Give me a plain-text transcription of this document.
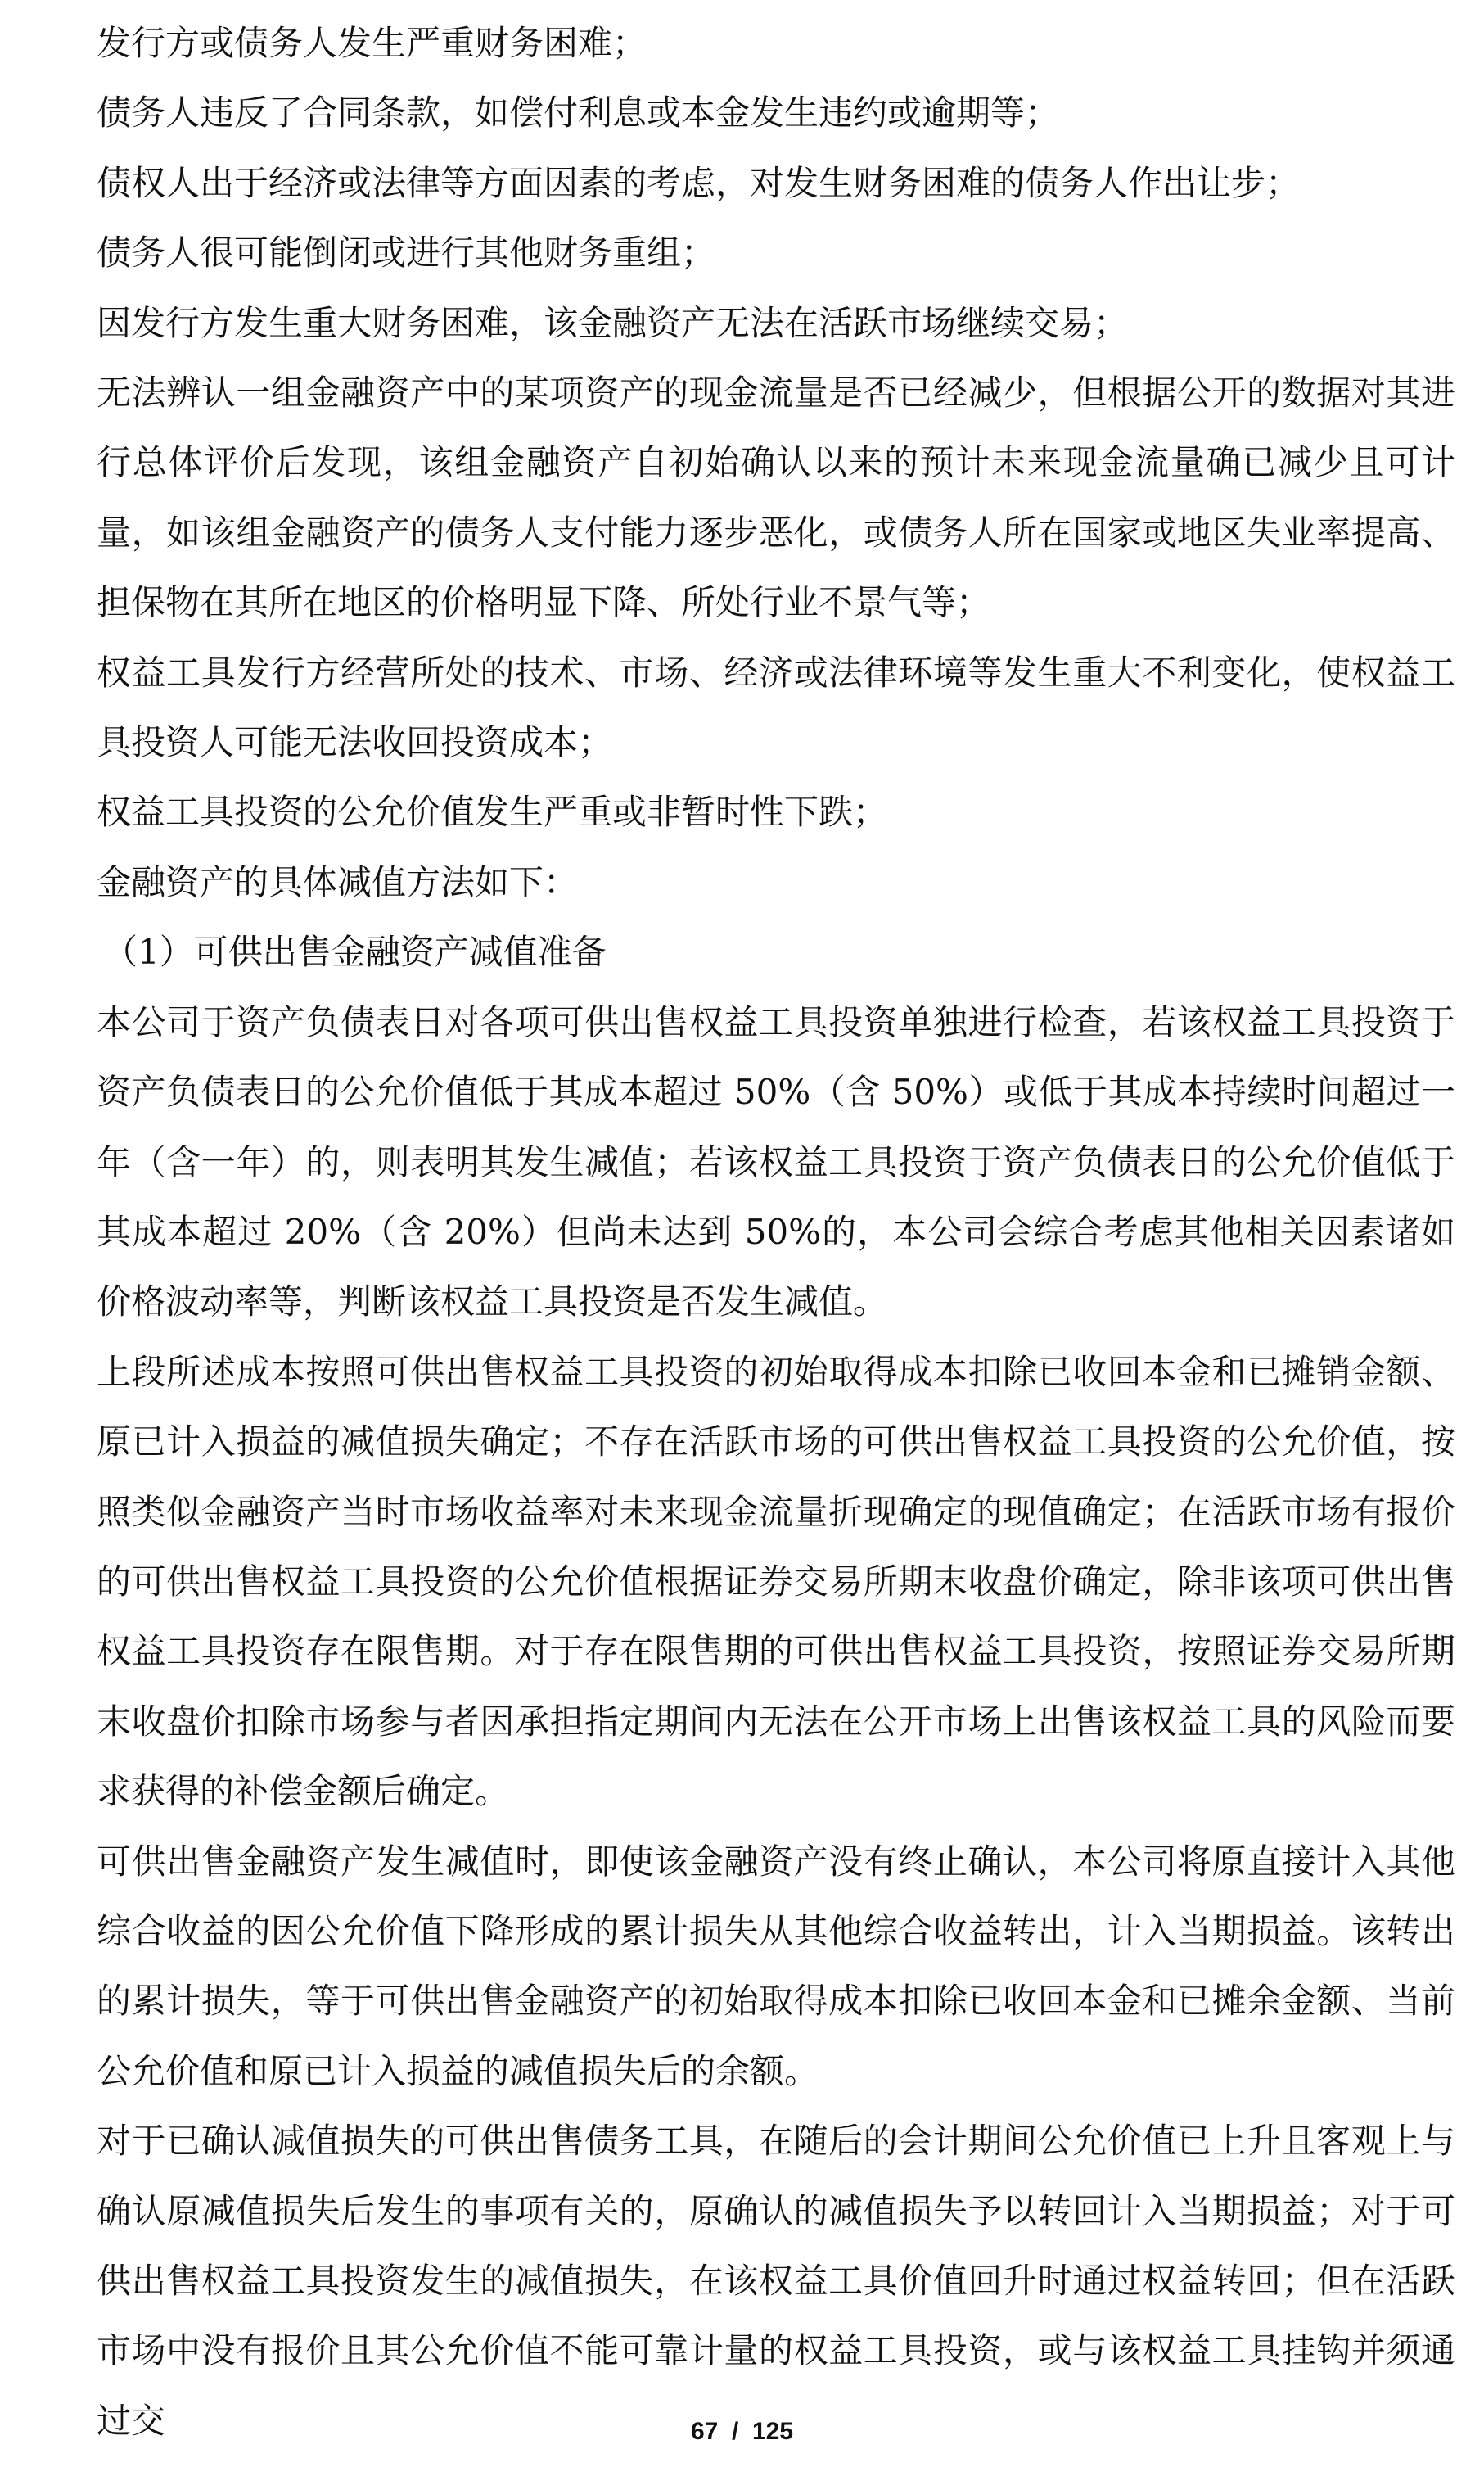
发行方或债务人发生严重财务困难；

债务人违反了合同条款，如偿付利息或本金发生违约或逾期等；

债权人出于经济或法律等方面因素的考虑，对发生财务困难的债务人作出让步；

债务人很可能倒闭或进行其他财务重组；

因发行方发生重大财务困难，该金融资产无法在活跃市场继续交易；

无法辨认一组金融资产中的某项资产的现金流量是否已经减少，但根据公开的数据对其进行总体评价后发现，该组金融资产自初始确认以来的预计未来现金流量确已减少且可计量，如该组金融资产的债务人支付能力逐步恶化，或债务人所在国家或地区失业率提高、担保物在其所在地区的价格明显下降、所处行业不景气等；

权益工具发行方经营所处的技术、市场、经济或法律环境等发生重大不利变化，使权益工具投资人可能无法收回投资成本；

权益工具投资的公允价值发生严重或非暂时性下跌；

金融资产的具体减值方法如下：

（1）可供出售金融资产减值准备

本公司于资产负债表日对各项可供出售权益工具投资单独进行检查，若该权益工具投资于资产负债表日的公允价值低于其成本超过 50%（含 50%）或低于其成本持续时间超过一年（含一年）的，则表明其发生减值；若该权益工具投资于资产负债表日的公允价值低于其成本超过 20%（含 20%）但尚未达到 50%的，本公司会综合考虑其他相关因素诸如价格波动率等，判断该权益工具投资是否发生减值。

上段所述成本按照可供出售权益工具投资的初始取得成本扣除已收回本金和已摊销金额、原已计入损益的减值损失确定；不存在活跃市场的可供出售权益工具投资的公允价值，按照类似金融资产当时市场收益率对未来现金流量折现确定的现值确定；在活跃市场有报价的可供出售权益工具投资的公允价值根据证券交易所期末收盘价确定，除非该项可供出售权益工具投资存在限售期。对于存在限售期的可供出售权益工具投资，按照证券交易所期末收盘价扣除市场参与者因承担指定期间内无法在公开市场上出售该权益工具的风险而要求获得的补偿金额后确定。

可供出售金融资产发生减值时，即使该金融资产没有终止确认，本公司将原直接计入其他综合收益的因公允价值下降形成的累计损失从其他综合收益转出，计入当期损益。该转出的累计损失，等于可供出售金融资产的初始取得成本扣除已收回本金和已摊余金额、当前公允价值和原已计入损益的减值损失后的余额。

对于已确认减值损失的可供出售债务工具，在随后的会计期间公允价值已上升且客观上与确认原减值损失后发生的事项有关的，原确认的减值损失予以转回计入当期损益；对于可供出售权益工具投资发生的减值损失，在该权益工具价值回升时通过权益转回；但在活跃市场中没有报价且其公允价值不能可靠计量的权益工具投资，或与该权益工具挂钩并须通过交	67  /  125
